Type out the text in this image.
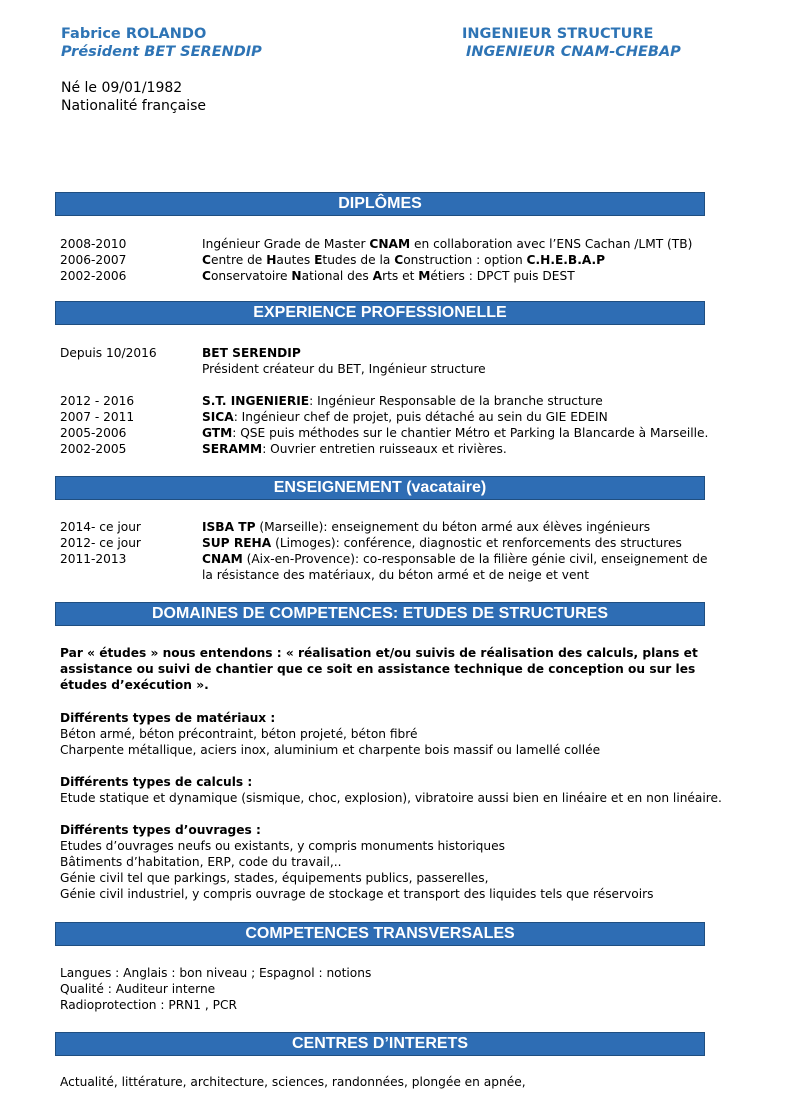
Fabrice ROLANDO
Président BET SERENDIP
INGENIEUR STRUCTURE
INGENIEUR CNAM-CHEBAP
Né le 09/01/1982
Nationalité française
DIPLÔMES
2008-2010	Ingénieur Grade de Master CNAM en collaboration avec l’ENS Cachan /LMT (TB)
2006-2007	Centre de Hautes Etudes de la Construction : option C.H.E.B.A.P
2002-2006	Conservatoire National des Arts et Métiers : DPCT puis DEST
EXPERIENCE PROFESSIONELLE
Depuis 10/2016	BET SERENDIP
Président créateur du BET, Ingénieur structure
2012 - 2016	S.T. INGENIERIE: Ingénieur Responsable de la branche structure
2007 - 2011	SICA: Ingénieur chef de projet, puis détaché au sein du GIE EDEIN
2005-2006	GTM: QSE puis méthodes sur le chantier Métro et Parking la Blancarde à Marseille.
2002-2005	SERAMM: Ouvrier entretien ruisseaux et rivières.
ENSEIGNEMENT (vacataire)
2014- ce jour	ISBA TP (Marseille): enseignement du béton armé aux élèves ingénieurs
2012- ce jour	SUP REHA (Limoges): conférence, diagnostic et renforcements des structures
2011-2013	CNAM (Aix-en-Provence): co-responsable de la filière génie civil, enseignement de
la résistance des matériaux, du béton armé et de neige et vent
DOMAINES DE COMPETENCES: ETUDES DE STRUCTURES
Par « études » nous entendons : « réalisation et/ou suivis de réalisation des calculs, plans et
assistance ou suivi de chantier que ce soit en assistance technique de conception ou sur les
études d’exécution ».
Différents types de matériaux :
Béton armé, béton précontraint, béton projeté, béton fibré
Charpente métallique, aciers inox, aluminium et charpente bois massif ou lamellé collée
Différents types de calculs :
Etude statique et dynamique (sismique, choc, explosion), vibratoire aussi bien en linéaire et en non linéaire.
Différents types d’ouvrages :
Etudes d’ouvrages neufs ou existants, y compris monuments historiques
Bâtiments d’habitation, ERP, code du travail,..
Génie civil tel que parkings, stades, équipements publics, passerelles,
Génie civil industriel, y compris ouvrage de stockage et transport des liquides tels que réservoirs
COMPETENCES TRANSVERSALES
Langues : Anglais : bon niveau ; Espagnol : notions
Qualité : Auditeur interne
Radioprotection : PRN1 , PCR
CENTRES D’INTERETS
Actualité, littérature, architecture, sciences, randonnées, plongée en apnée,
